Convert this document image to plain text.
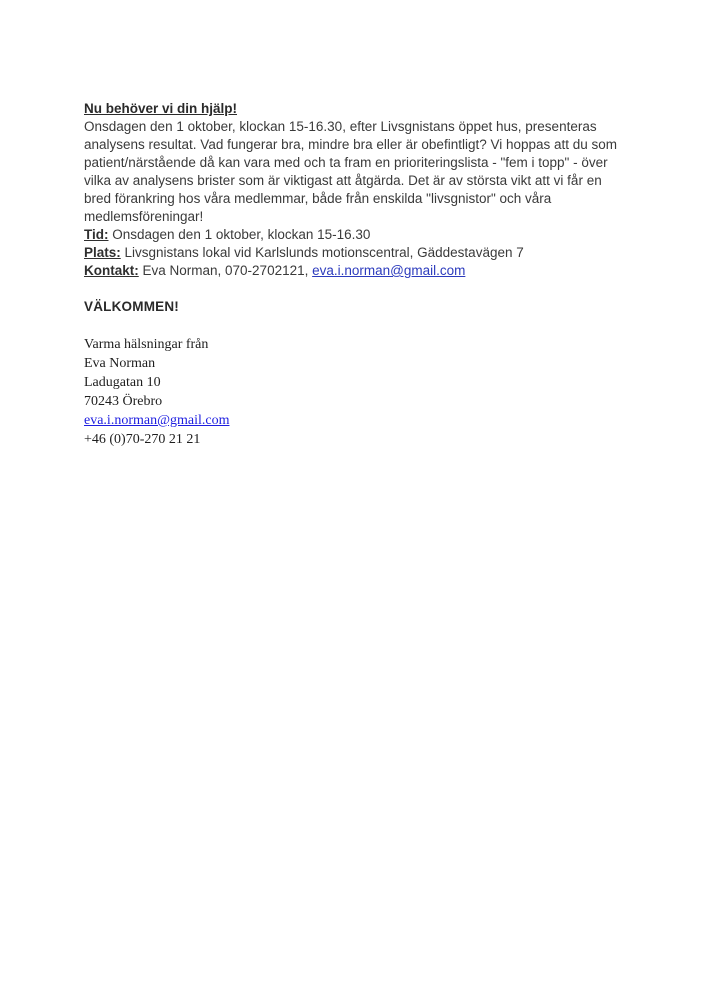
Nu behöver vi din hjälp!
Onsdagen den 1 oktober, klockan 15-16.30, efter Livsgnistans öppet hus, presenteras
analysens resultat. Vad fungerar bra, mindre bra eller är obefintligt? Vi hoppas att du som
patient/närstående då kan vara med och ta fram en prioriteringslista - "fem i topp" - över
vilka av analysens brister som är viktigast att åtgärda. Det är av största vikt att vi får en
bred förankring hos våra medlemmar, både från enskilda "livsgnistor" och våra
medlemsföreningar!
Tid: Onsdagen den 1 oktober, klockan 15-16.30
Plats: Livsgnistans lokal vid Karlslunds motionscentral, Gäddestavägen 7
Kontakt: Eva Norman, 070-2702121, eva.i.norman@gmail.com
VÄLKOMMEN!
Varma hälsningar från
Eva Norman
Ladugatan 10
70243 Örebro
eva.i.norman@gmail.com
+46 (0)70-270 21 21
